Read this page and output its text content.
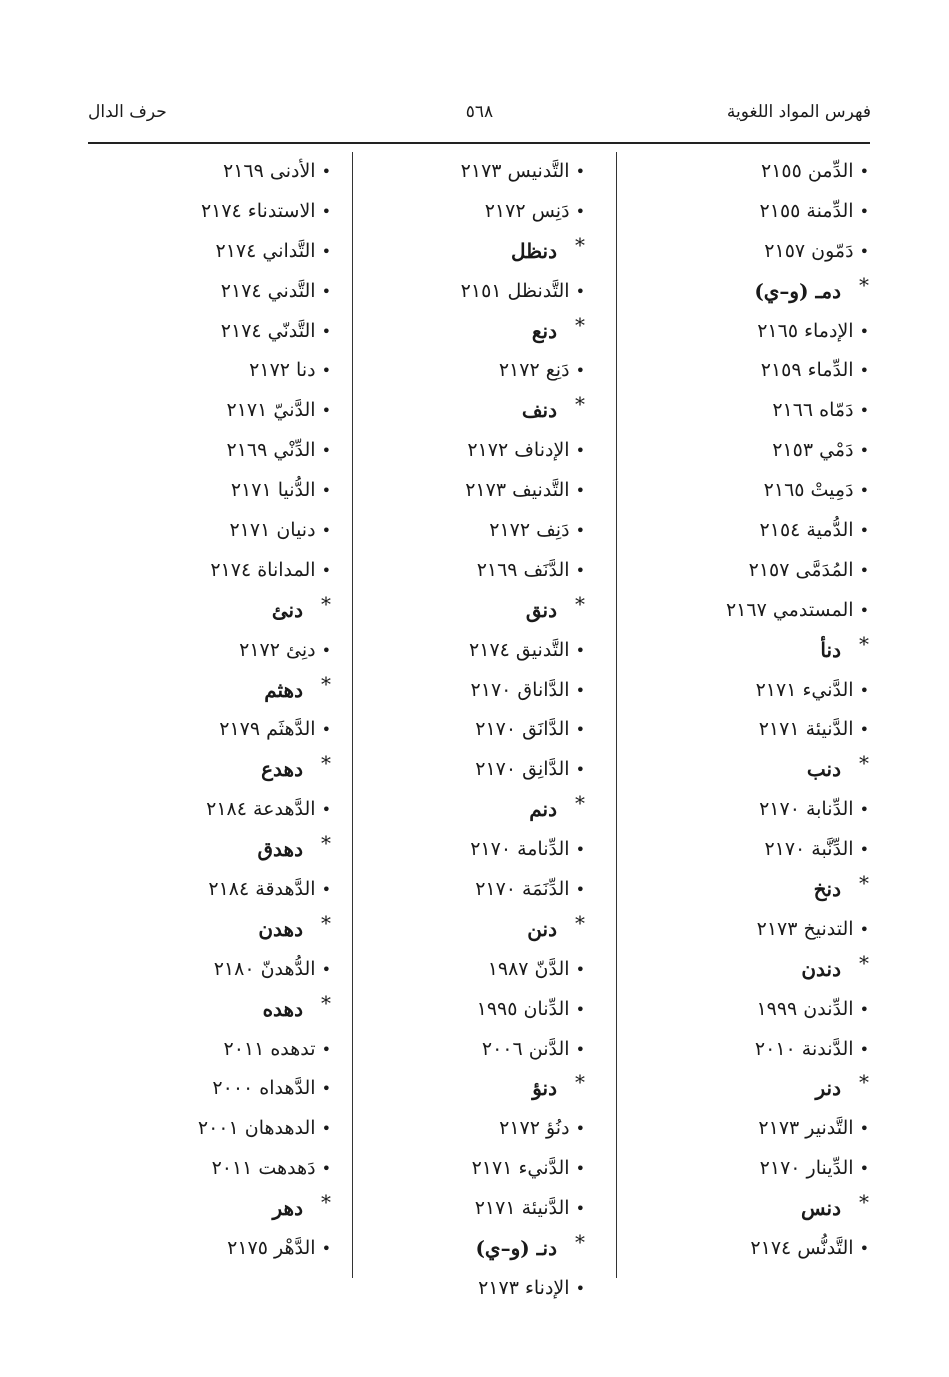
فهرس المواد اللغوية
٥٦٨
حرف الدال
•الدِّمن ٢١٥٥
•الدِّمنة ٢١٥٥
•دَمّون ٢١٥٧
*دمـ (و–ي)
•الإدماء ٢١٦٥
•الدِّماء ٢١٥٩
•دَمّاه ٢١٦٦
•دَمْي ٢١٥٣
•دَمِيتْ ٢١٦٥
•الدُّمية ٢١٥٤
•المُدَمَّى ٢١٥٧
•المستدمي ٢١٦٧
*دنأ
•الدَّنيء ٢١٧١
•الدَّنيئة ٢١٧١
*دنب
•الدِّنابة ٢١٧٠
•الدِّنَّبة ٢١٧٠
*دنخ
•التدنيخ ٢١٧٣
*دندن
•الدِّندن ١٩٩٩
•الدَّندنة ٢٠١٠
*دنر
•التَّدنير ٢١٧٣
•الدِّينار ٢١٧٠
*دنس
•التَّدنُّس ٢١٧٤
•التَّدنيس ٢١٧٣
•دَنِس ٢١٧٢
*دنظل
•التَّدنظل ٢١٥١
*دنع
•دَنِع ٢١٧٢
*دنف
•الإدناف ٢١٧٢
•التَّدنيف ٢١٧٣
•دَنِف ٢١٧٢
•الدَّنَف ٢١٦٩
*دنق
•التَّدنيق ٢١٧٤
•الدَّاناق ٢١٧٠
•الدَّانَق ٢١٧٠
•الدَّانِق ٢١٧٠
*دنم
•الدِّنامة ٢١٧٠
•الدِّنَمَة ٢١٧٠
*دنن
•الدَّنّ ١٩٨٧
•الدِّنان ١٩٩٥
•الدَّنن ٢٠٠٦
*دنؤ
•دنُؤ ٢١٧٢
•الدَّنيء ٢١٧١
•الدَّنيئة ٢١٧١
*دنـ (و–ي)
•الإدناء ٢١٧٣
•الأدنى ٢١٦٩
•الاستدناء ٢١٧٤
•التَّداني ٢١٧٤
•التَّدني ٢١٧٤
•التَّدنّي ٢١٧٤
•دنا ٢١٧٢
•الدَّنيّ ٢١٧١
•الدِّنْي ٢١٦٩
•الدُّنيا ٢١٧١
•دنيان ٢١٧١
•المداناة ٢١٧٤
*دنئ
•دنِئ ٢١٧٢
*دهثم
•الدَّهثَم ٢١٧٩
*دهدع
•الدَّهدعة ٢١٨٤
*دهدق
•الدَّهدقة ٢١٨٤
*دهدن
•الدُّهدنّ ٢١٨٠
*دهده
•تدهده ٢٠١١
•الدَّهداه ٢٠٠٠
•الدهدهان ٢٠٠١
•دَهدهت ٢٠١١
*دهر
•الدَّهْر ٢١٧٥
